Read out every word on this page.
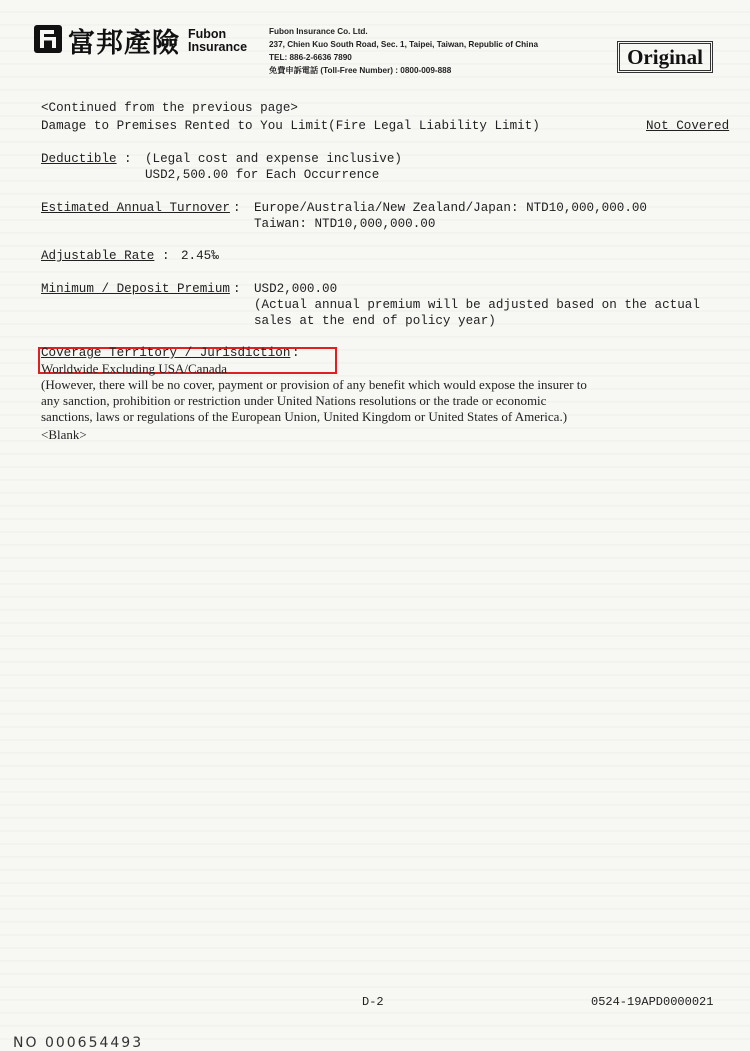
富邦產險 Fubon
Insurance
Fubon Insurance Co. Ltd.
237, Chien Kuo South Road, Sec. 1, Taipei, Taiwan, Republic of China
TEL: 886-2-6636 7890
免費申訴電話 (Toll-Free Number) : 0800-009-888
Original
<Continued from the previous page>
Damage to Premises Rented to You Limit(Fire Legal Liability Limit)	Not Covered
Deductible : (Legal cost and expense inclusive)
USD2,500.00 for Each Occurrence
Estimated Annual Turnover : Europe/Australia/New Zealand/Japan: NTD10,000,000.00
Taiwan: NTD10,000,000.00
Adjustable Rate : 2.45‰
Minimum / Deposit Premium : USD2,000.00
(Actual annual premium will be adjusted based on the actual
sales at the end of policy year)
Coverage Territory / Jurisdiction :
Worldwide Excluding USA/Canada
(However, there will be no cover, payment or provision of any benefit which would expose the insurer to
any sanction, prohibition or restriction under United Nations resolutions or the trade or economic
sanctions, laws or regulations of the European Union, United Kingdom or United States of America.)
<Blank>
D-2	0524-19APD0000021
NO 000654493
